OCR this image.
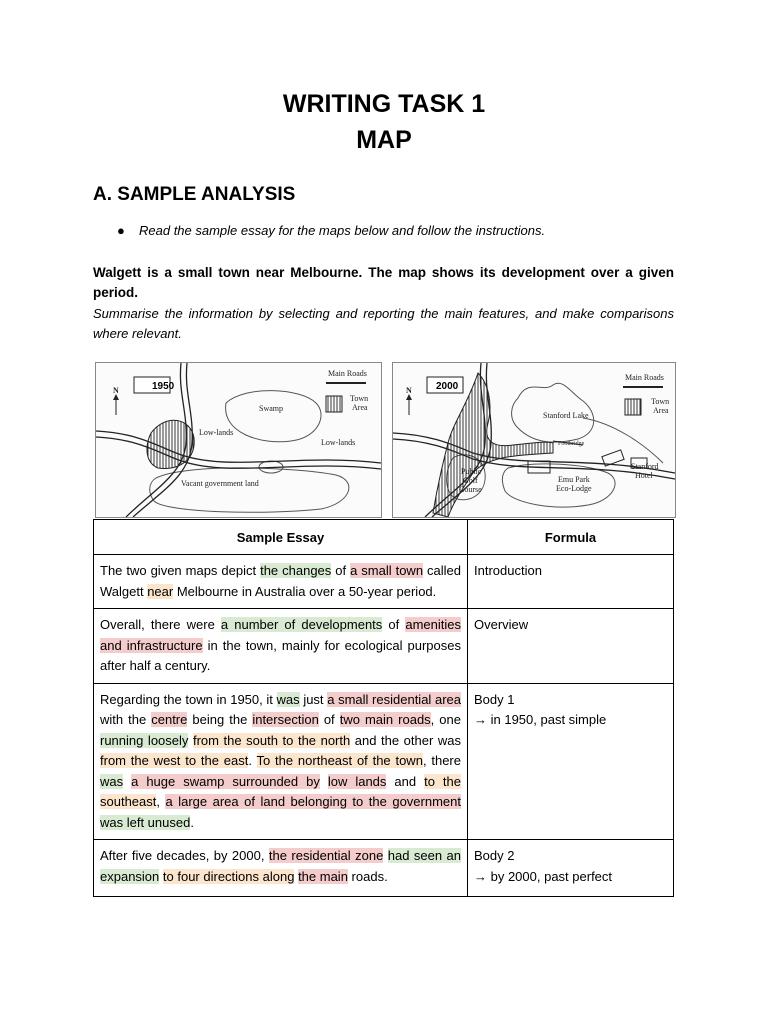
WRITING TASK 1
MAP
A. SAMPLE ANALYSIS
● Read the sample essay for the maps below and follow the instructions.
Walgett is a small town near Melbourne. The map shows its development over a given period.
Summarise the information by selecting and reporting the main features, and make comparisons where relevant.
Main Roads
Town
Area
1950
N
Swamp
Low-lands
Low-lands
Vacant government land
Main Roads
Town
Area
2000
N
Stanford Lake
Footbridge
Public
Golf
Course
Emu Park
Eco-Lodge
Stanford
Hotel
Sample Essay	Formula
The two given maps depict the changes of a small town called Walgett near Melbourne in Australia over a 50-year period.	Introduction

Overall, there were a number of developments of amenities and infrastructure in the town, mainly for ecological purposes after half a century.	Overview

Regarding the town in 1950, it was just a small residential area with the centre being the intersection of two main roads, one running loosely from the south to the north and the other was from the west to the east. To the northeast of the town, there was a huge swamp surrounded by low lands and to the southeast, a large area of land belonging to the government was left unused.	Body 1
→ in 1950, past simple

After five decades, by 2000, the residential zone had seen an expansion to four directions along the main roads.	Body 2
→ by 2000, past perfect
